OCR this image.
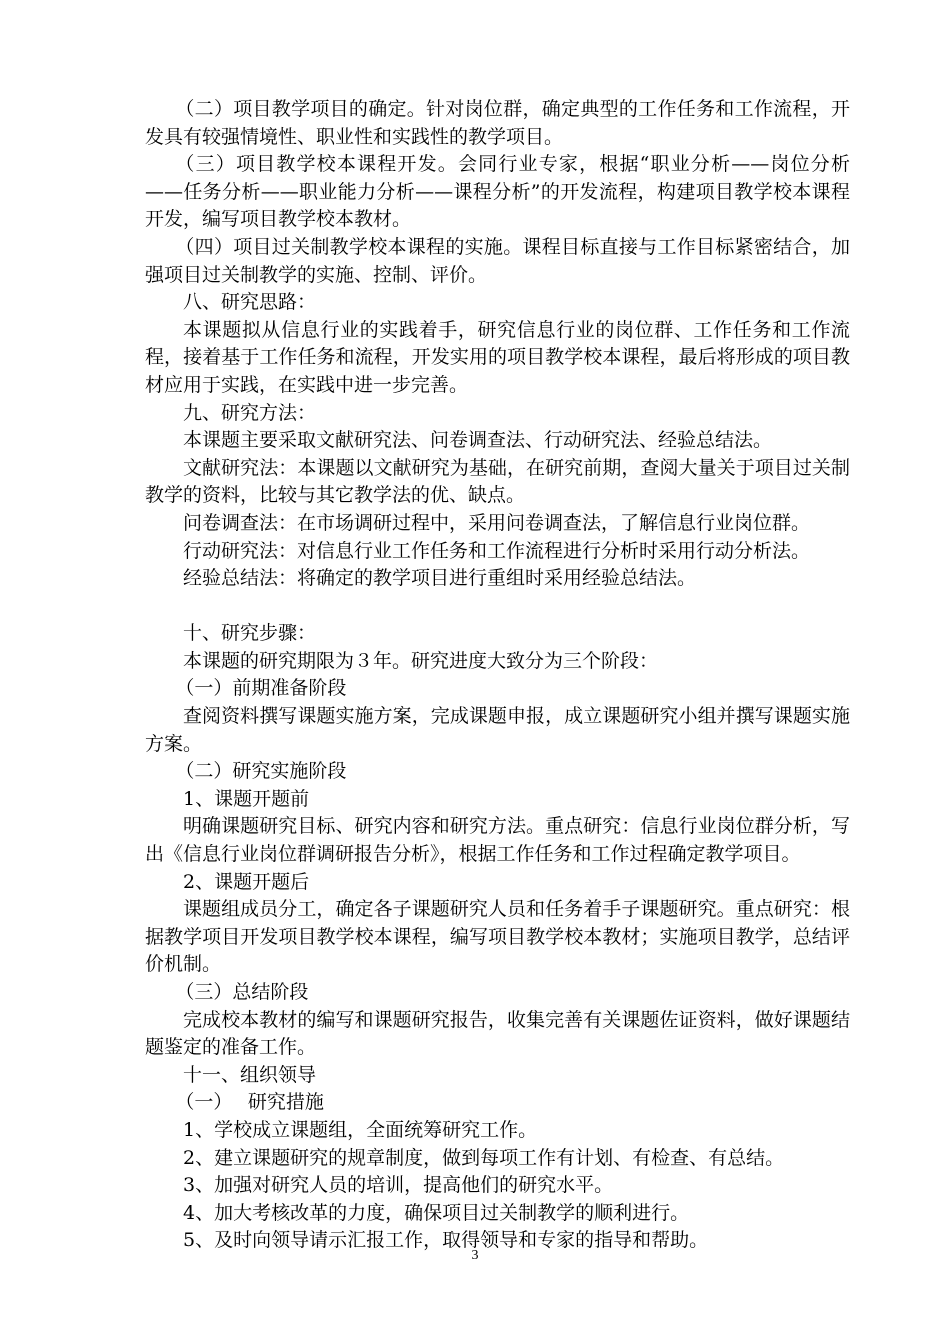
（二）项目教学项目的确定。针对岗位群，确定典型的工作任务和工作流程，开发具有较强情境性、职业性和实践性的教学项目。

（三）项目教学校本课程开发。会同行业专家，根据“职业分析——岗位分析——任务分析——职业能力分析——课程分析”的开发流程，构建项目教学校本课程开发，编写项目教学校本教材。

（四）项目过关制教学校本课程的实施。课程目标直接与工作目标紧密结合，加强项目过关制教学的实施、控制、评价。

八、研究思路：

本课题拟从信息行业的实践着手，研究信息行业的岗位群、工作任务和工作流程，接着基于工作任务和流程，开发实用的项目教学校本课程，最后将形成的项目教材应用于实践，在实践中进一步完善。

九、研究方法：

本课题主要采取文献研究法、问卷调查法、行动研究法、经验总结法。

文献研究法：本课题以文献研究为基础，在研究前期，查阅大量关于项目过关制教学的资料，比较与其它教学法的优、缺点。

问卷调查法：在市场调研过程中，采用问卷调查法，了解信息行业岗位群。

行动研究法：对信息行业工作任务和工作流程进行分析时采用行动分析法。

经验总结法：将确定的教学项目进行重组时采用经验总结法。

十、研究步骤：

本课题的研究期限为３年。研究进度大致分为三个阶段：

（一）前期准备阶段

查阅资料撰写课题实施方案，完成课题申报，成立课题研究小组并撰写课题实施方案。

（二）研究实施阶段

1、课题开题前

明确课题研究目标、研究内容和研究方法。重点研究：信息行业岗位群分析，写出《信息行业岗位群调研报告分析》，根据工作任务和工作过程确定教学项目。

2、课题开题后

课题组成员分工，确定各子课题研究人员和任务着手子课题研究。重点研究：根据教学项目开发项目教学校本课程，编写项目教学校本教材；实施项目教学，总结评价机制。

（三）总结阶段

完成校本教材的编写和课题研究报告，收集完善有关课题佐证资料，做好课题结题鉴定的准备工作。

十一、组织领导

（一）　 研究措施

1、学校成立课题组，全面统筹研究工作。

2、建立课题研究的规章制度，做到每项工作有计划、有检查、有总结。

3、加强对研究人员的培训，提高他们的研究水平。

4、加大考核改革的力度，确保项目过关制教学的顺利进行。

5、及时向领导请示汇报工作，取得领导和专家的指导和帮助。

3
